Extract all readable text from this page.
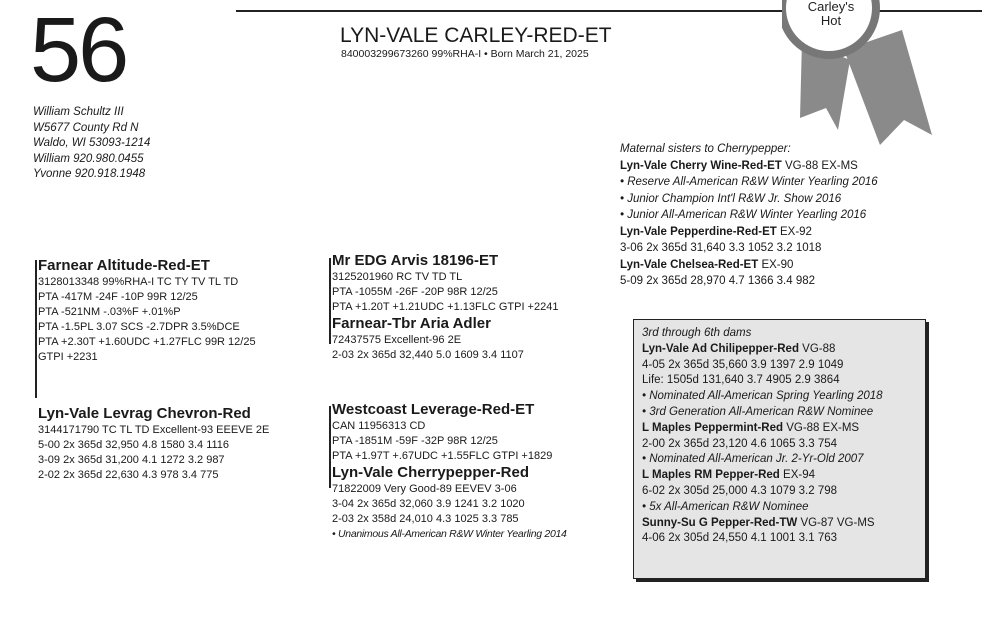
56
William Schultz III
W5677 County Rd N
Waldo, WI 53093-1214
William 920.980.0455
Yvonne 920.918.1948
LYN-VALE CARLEY-RED-ET
840003299673260 99%RHA-I • Born March 21, 2025
Carley's
Hot
Farnear Altitude-Red-ET
3128013348 99%RHA-I TC TY TV TL TD
PTA -417M -24F -10P 99R 12/25
PTA -521NM -.03%F +.01%P
PTA -1.5PL 3.07 SCS -2.7DPR 3.5%DCE
PTA +2.30T +1.60UDC +1.27FLC 99R 12/25
GTPI +2231
Lyn-Vale Levrag Chevron-Red
3144171790 TC TL TD Excellent-93 EEEVE 2E
5-00 2x 365d 32,950 4.8 1580 3.4 1116
3-09 2x 365d 31,200 4.1 1272 3.2 987
2-02 2x 365d 22,630 4.3 978 3.4 775
Mr EDG Arvis 18196-ET
3125201960 RC TV TD TL
PTA -1055M -26F -20P 98R 12/25
PTA +1.20T +1.21UDC +1.13FLC GTPI +2241
Farnear-Tbr Aria Adler
72437575 Excellent-96 2E
2-03 2x 365d 32,440 5.0 1609 3.4 1107
Westcoast Leverage-Red-ET
CAN 11956313 CD
PTA -1851M -59F -32P 98R 12/25
PTA +1.97T +.67UDC +1.55FLC GTPI +1829
Lyn-Vale Cherrypepper-Red
71822009 Very Good-89 EEVEV 3-06
3-04 2x 365d 32,060 3.9 1241 3.2 1020
2-03 2x 358d 24,010 4.3 1025 3.3 785
• Unanimous All-American R&W Winter Yearling 2014
Maternal sisters to Cherrypepper:
Lyn-Vale Cherry Wine-Red-ET VG-88 EX-MS
• Reserve All-American R&W Winter Yearling 2016
• Junior Champion Int'l R&W Jr. Show 2016
• Junior All-American R&W Winter Yearling 2016
Lyn-Vale Pepperdine-Red-ET EX-92
3-06 2x 365d 31,640 3.3 1052 3.2 1018
Lyn-Vale Chelsea-Red-ET EX-90
5-09 2x 365d 28,970 4.7 1366 3.4 982
3rd through 6th dams
Lyn-Vale Ad Chilipepper-Red VG-88
4-05 2x 365d 35,660 3.9 1397 2.9 1049
Life: 1505d 131,640 3.7 4905 2.9 3864
• Nominated All-American Spring Yearling 2018
• 3rd Generation All-American R&W Nominee
L Maples Peppermint-Red VG-88 EX-MS
2-00 2x 365d 23,120 4.6 1065 3.3 754
• Nominated All-American Jr. 2-Yr-Old 2007
L Maples RM Pepper-Red EX-94
6-02 2x 305d 25,000 4.3 1079 3.2 798
• 5x All-American R&W Nominee
Sunny-Su G Pepper-Red-TW VG-87 VG-MS
4-06 2x 305d 24,550 4.1 1001 3.1 763
